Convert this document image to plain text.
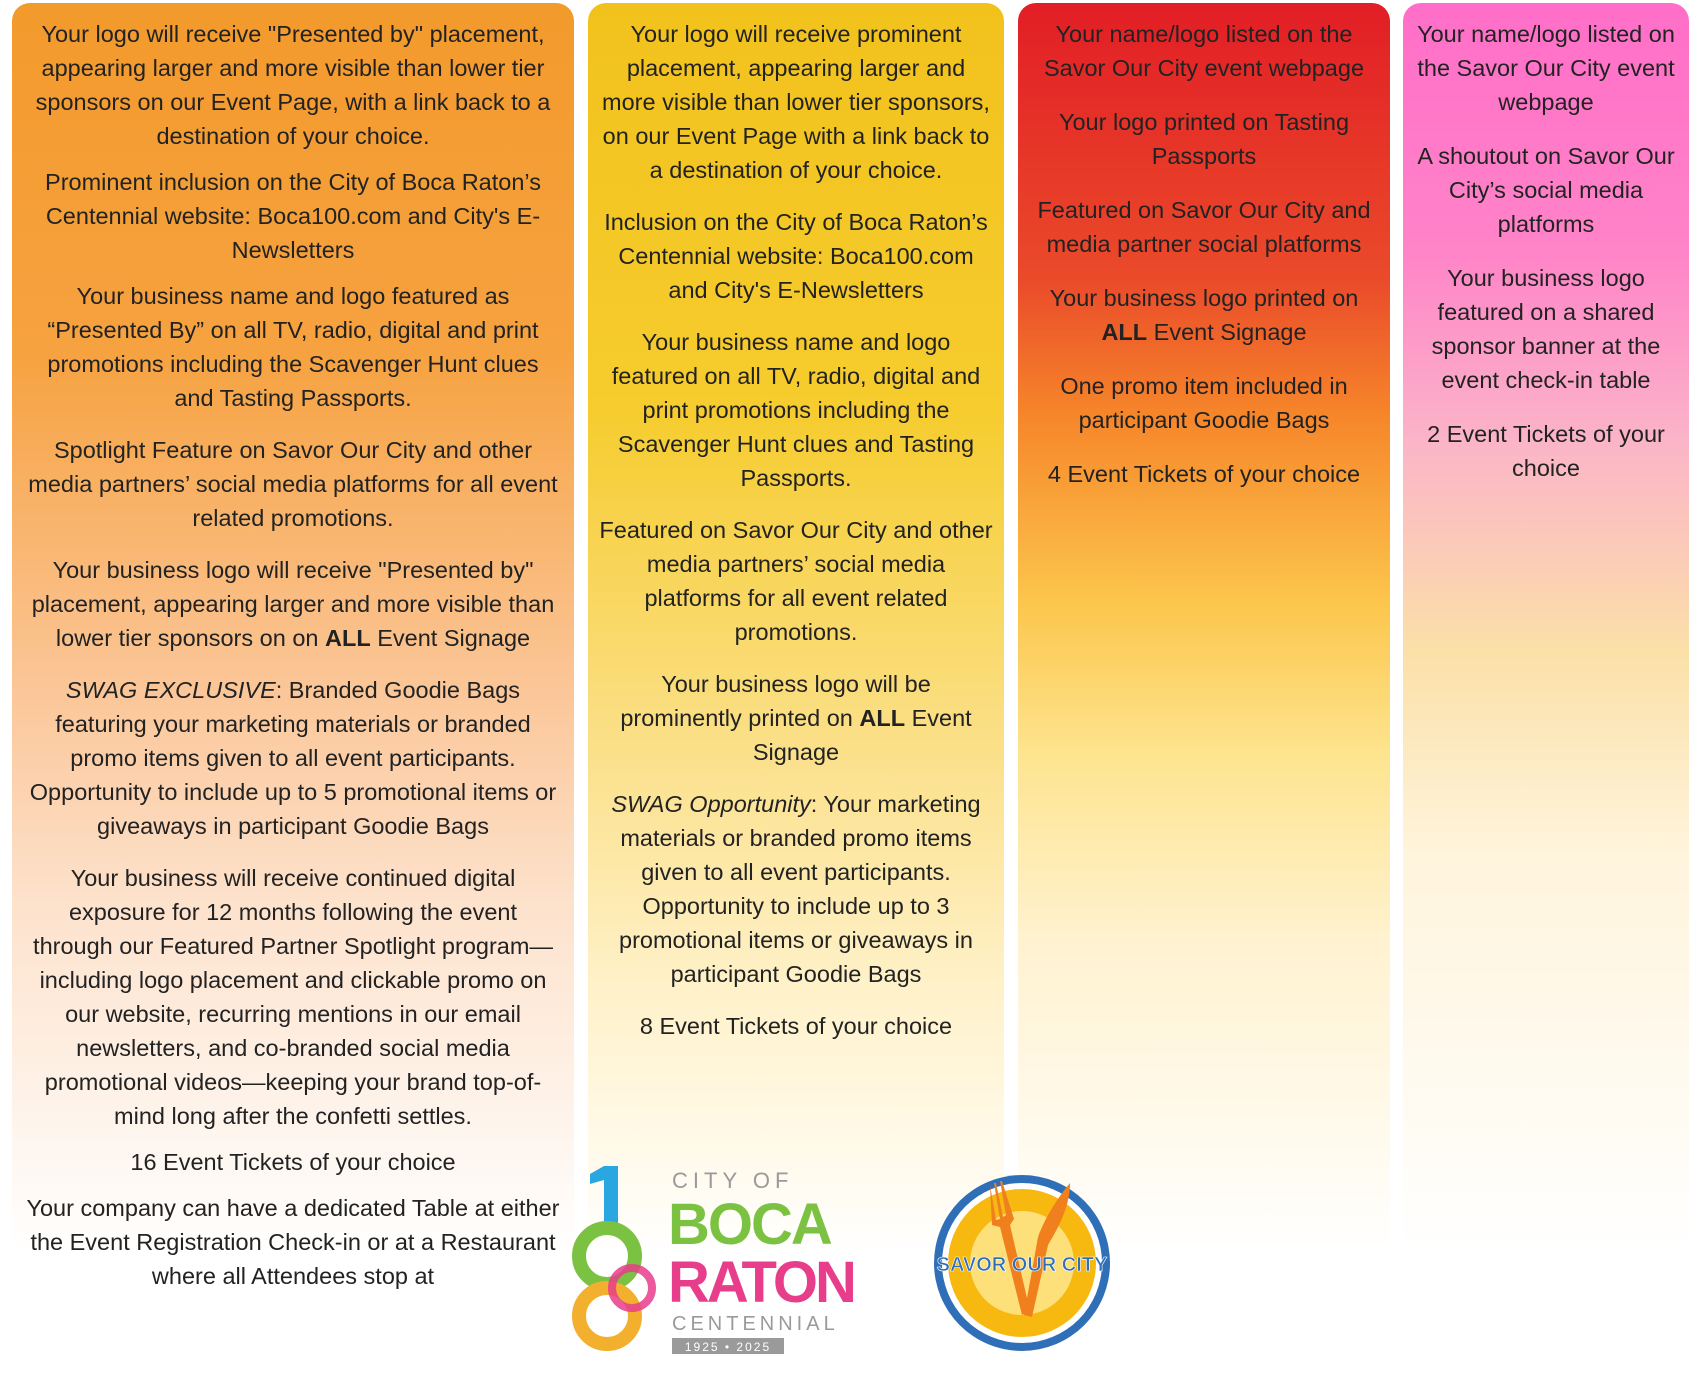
Your logo will receive "Presented by" placement, appearing larger and more visible than lower tier sponsors on our Event Page, with a link back to a destination of your choice.

Prominent inclusion on the City of Boca Raton’s Centennial website: Boca100.com and City's E-Newsletters

Your business name and logo featured as “Presented By” on all TV, radio, digital and print promotions including the Scavenger Hunt clues and Tasting Passports.

Spotlight Feature on Savor Our City and other media partners’ social media platforms for all event related promotions.

Your business logo will receive "Presented by" placement, appearing larger and more visible than lower tier sponsors on on ALL Event Signage

SWAG EXCLUSIVE: Branded Goodie Bags featuring your marketing materials or branded promo items given to all event participants. Opportunity to include up to 5 promotional items or giveaways in participant Goodie Bags

Your business will receive continued digital exposure for 12 months following the event through our Featured Partner Spotlight program—including logo placement and clickable promo on our website, recurring mentions in our email newsletters, and co-branded social media promotional videos—keeping your brand top-of-mind long after the confetti settles.

16 Event Tickets of your choice

Your company can have a dedicated Table at either the Event Registration Check-in or at a Restaurant where all Attendees stop at

Your logo will receive prominent placement, appearing larger and more visible than lower tier sponsors, on our Event Page with a link back to a destination of your choice.

Inclusion on the City of Boca Raton’s Centennial website: Boca100.com and City's E-Newsletters

Your business name and logo featured on all TV, radio, digital and print promotions including the Scavenger Hunt clues and Tasting Passports.

Featured on Savor Our City and other media partners’ social media platforms for all event related promotions.

Your business logo will be prominently printed on ALL Event Signage

SWAG Opportunity: Your marketing materials or branded promo items given to all event participants. Opportunity to include up to 3 promotional items or giveaways in participant Goodie Bags

8 Event Tickets of your choice

Your name/logo listed on the Savor Our City event webpage

Your logo printed on Tasting Passports

Featured on Savor Our City and media partner social platforms

Your business logo printed on ALL Event Signage

One promo item included in participant Goodie Bags

4 Event Tickets of your choice

Your name/logo listed on the Savor Our City event webpage

A shoutout on Savor Our City’s social media platforms

Your business logo featured on a shared sponsor banner at the event check-in table

2 Event Tickets of your choice

CITY OF
BOCA
RATON
CENTENNIAL
1925 • 2025
SAVOR OUR CITY
